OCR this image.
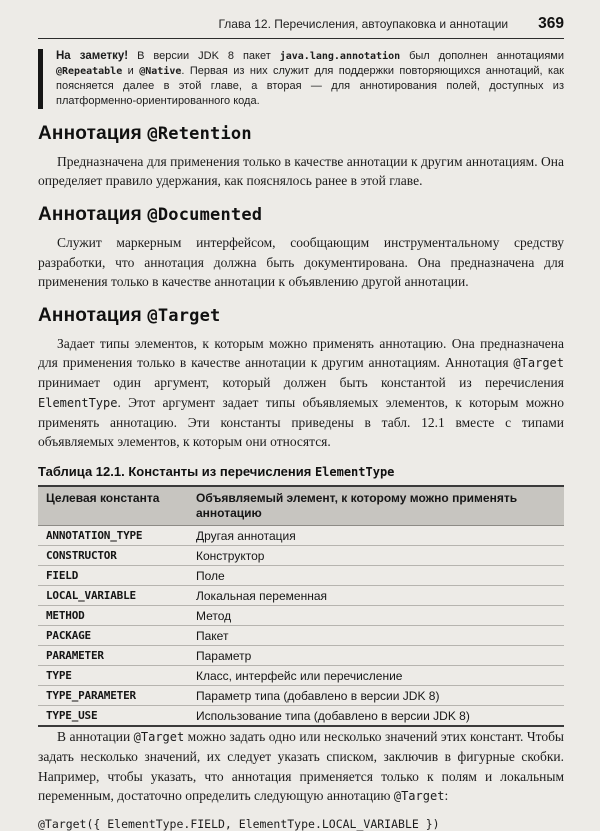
Глава 12. Перечисления, автоупаковка и аннотации 369

На заметку! В версии JDK 8 пакет java.lang.annotation был дополнен аннотациями @Repeatable и @Native. Первая из них служит для поддержки повторяющихся аннотаций, как поясняется далее в этой главе, а вторая — для аннотирования полей, доступных из платформенно-ориентированного кода.

Аннотация @Retention

Предназначена для применения только в качестве аннотации к другим аннотациям. Она определяет правило удержания, как пояснялось ранее в этой главе.

Аннотация @Documented

Служит маркерным интерфейсом, сообщающим инструментальному средству разработки, что аннотация должна быть документирована. Она предназначена для применения только в качестве аннотации к объявлению другой аннотации.

Аннотация @Target

Задает типы элементов, к которым можно применять аннотацию. Она предназначена для применения только в качестве аннотации к другим аннотациям. Аннотация @Target принимает один аргумент, который должен быть константой из перечисления ElementType. Этот аргумент задает типы объявляемых элементов, к которым можно применять аннотацию. Эти константы приведены в табл. 12.1 вместе с типами объявляемых элементов, к которым они относятся.

Таблица 12.1. Константы из перечисления ElementType
Целевая константа	Объявляемый элемент, к которому можно применять аннотацию
ANNOTATION_TYPE	Другая аннотация
CONSTRUCTOR	Конструктор
FIELD	Поле
LOCAL_VARIABLE	Локальная переменная
METHOD	Метод
PACKAGE	Пакет
PARAMETER	Параметр
TYPE	Класс, интерфейс или перечисление
TYPE_PARAMETER	Параметр типа (добавлено в версии JDK 8)
TYPE_USE	Использование типа (добавлено в версии JDK 8)

В аннотации @Target можно задать одно или несколько значений этих констант. Чтобы задать несколько значений, их следует указать списком, заключив в фигурные скобки. Например, чтобы указать, что аннотация применяется только к полям и локальным переменным, достаточно определить следующую аннотацию @Target:

@Target({ ElementType.FIELD, ElementType.LOCAL_VARIABLE })
